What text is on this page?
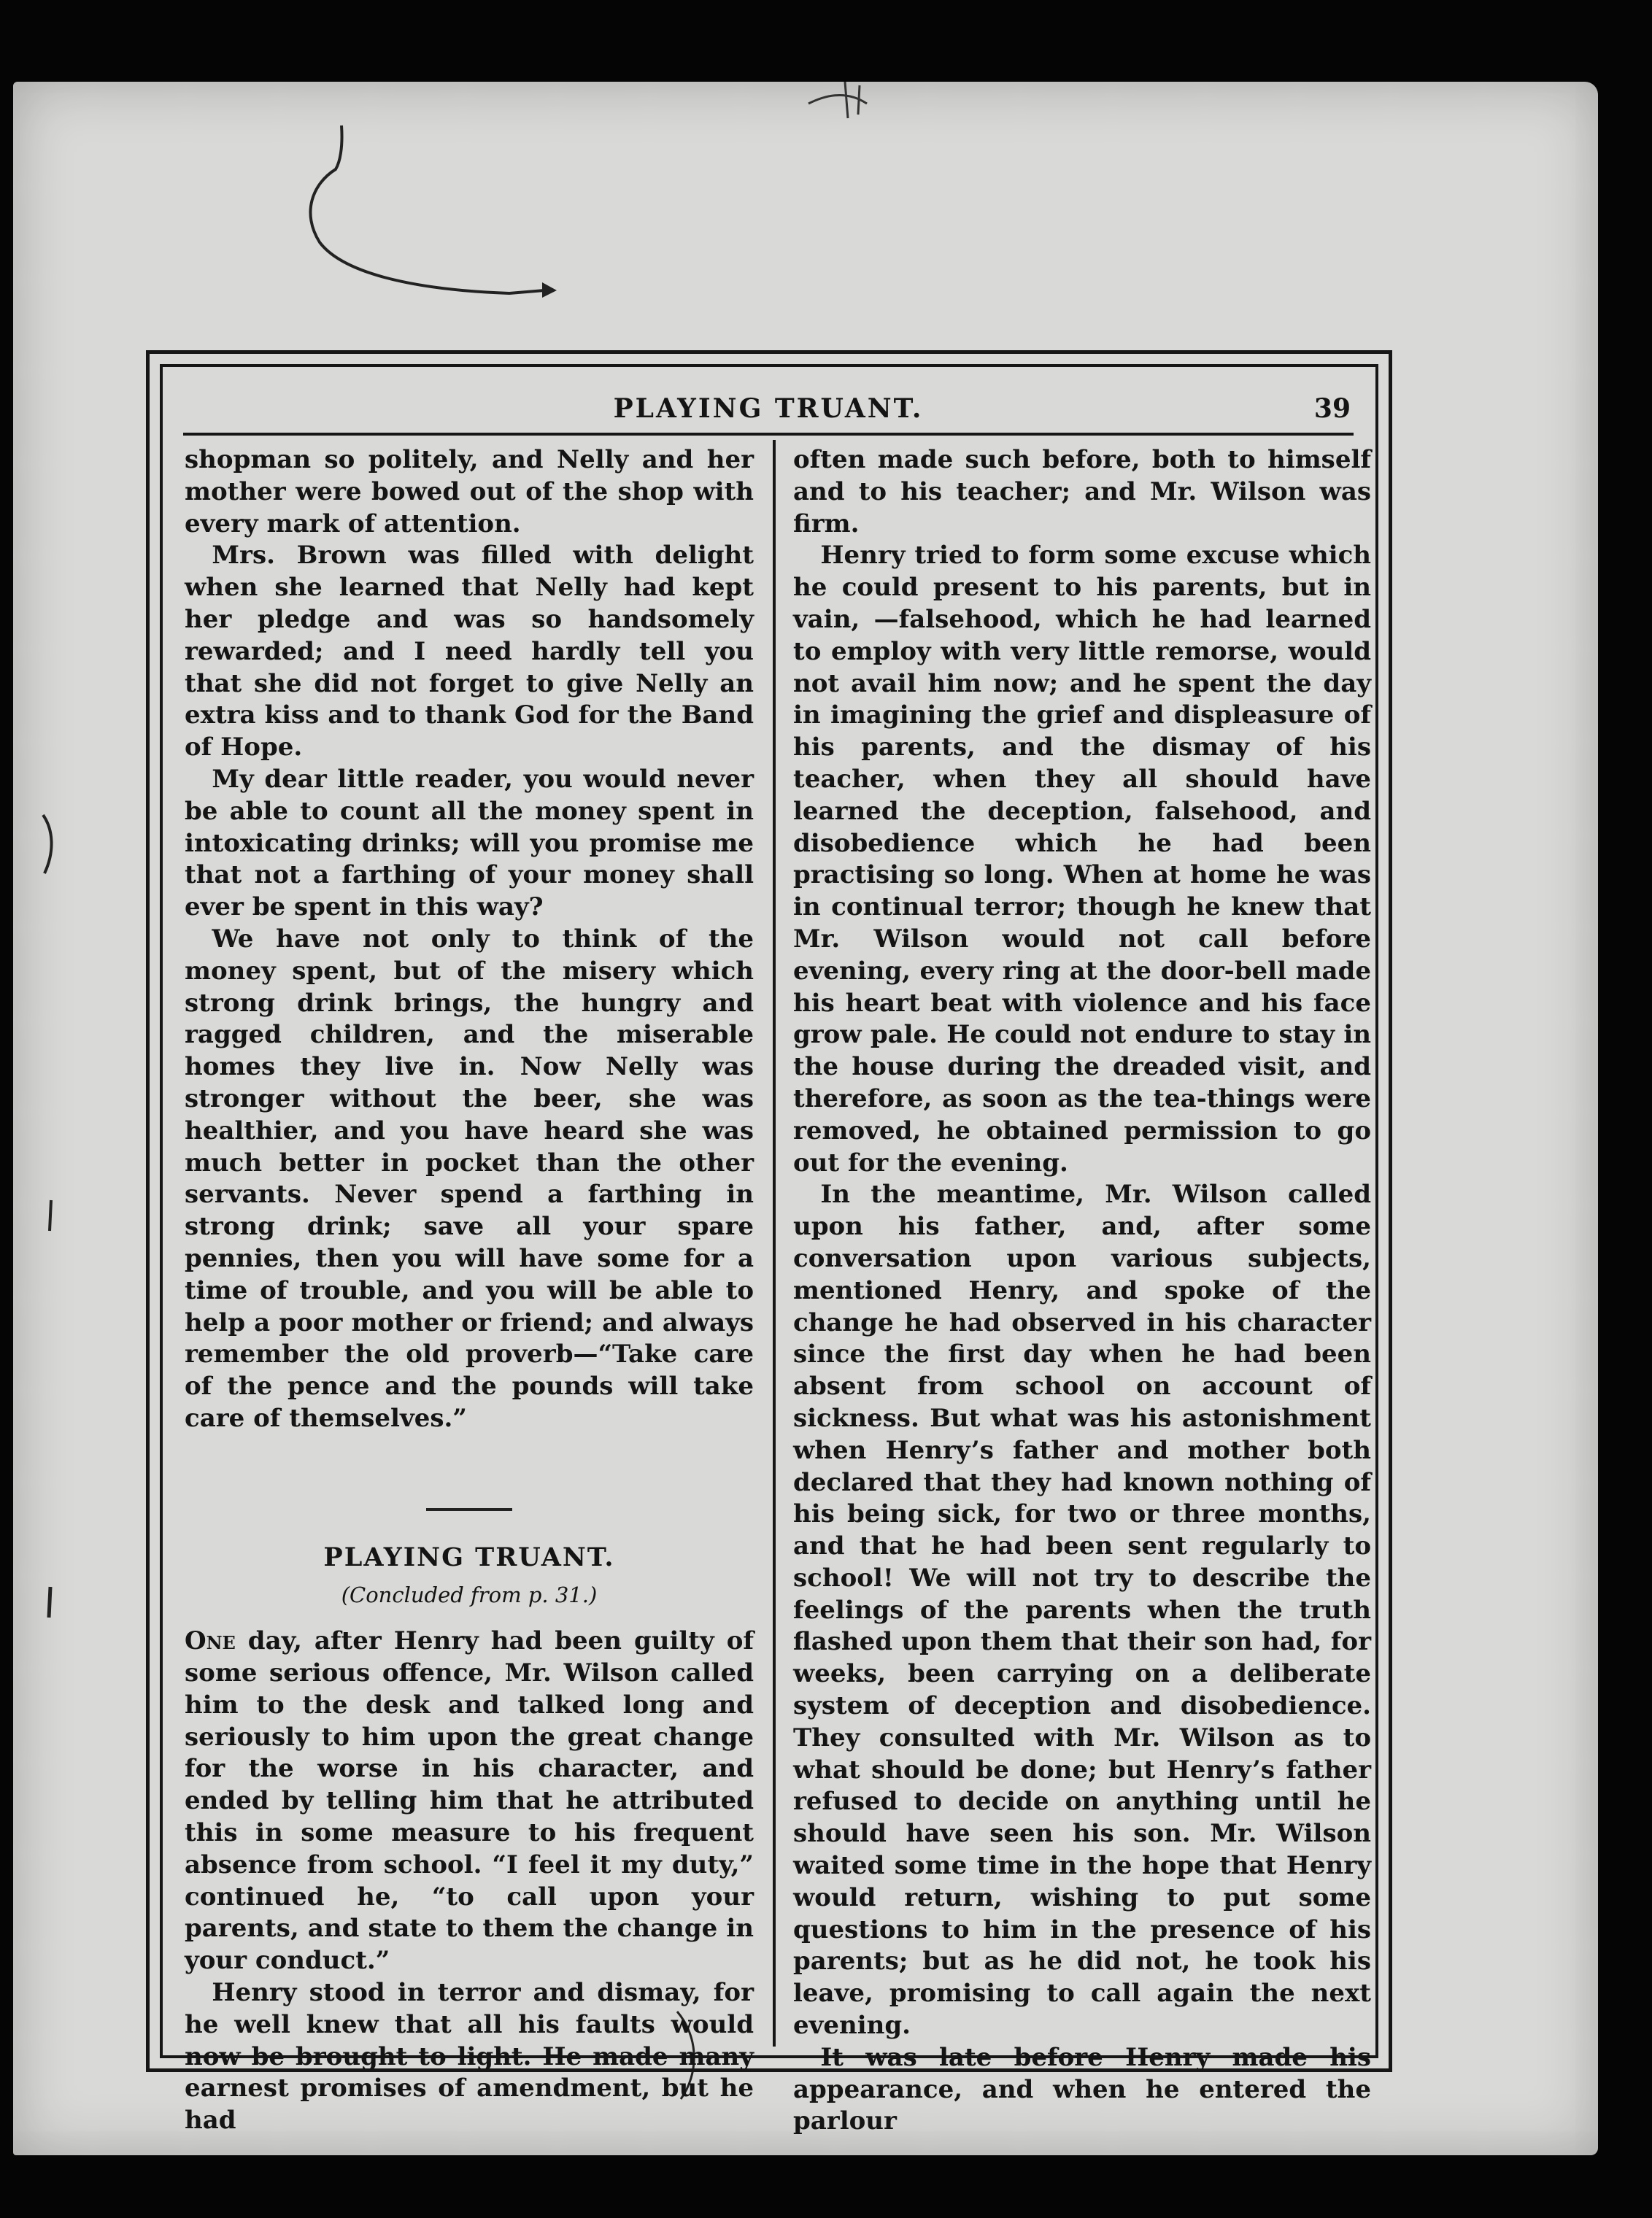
PLAYING TRUANT.	39

shopman so politely, and Nelly and her mother were bowed out of the shop with every mark of attention.

Mrs. Brown was filled with delight when she learned that Nelly had kept her pledge and was so handsomely rewarded; and I need hardly tell you that she did not forget to give Nelly an extra kiss and to thank God for the Band of Hope.

My dear little reader, you would never be able to count all the money spent in intoxicating drinks; will you promise me that not a farthing of your money shall ever be spent in this way?

We have not only to think of the money spent, but of the misery which strong drink brings, the hungry and ragged children, and the miserable homes they live in. Now Nelly was stronger without the beer, she was healthier, and you have heard she was much better in pocket than the other servants. Never spend a farthing in strong drink; save all your spare pennies, then you will have some for a time of trouble, and you will be able to help a poor mother or friend; and always remember the old proverb—“Take care of the pence and the pounds will take care of themselves.”

PLAYING TRUANT.
(Concluded from p. 31.)

One day, after Henry had been guilty of some serious offence, Mr. Wilson called him to the desk and talked long and seriously to him upon the great change for the worse in his character, and ended by telling him that he attributed this in some measure to his frequent absence from school. “I feel it my duty,” continued he, “to call upon your parents, and state to them the change in your conduct.”

Henry stood in terror and dismay, for he well knew that all his faults would now be brought to light. He made many earnest promises of amendment, but he had

often made such before, both to himself and to his teacher; and Mr. Wilson was firm.

Henry tried to form some excuse which he could present to his parents, but in vain, —falsehood, which he had learned to employ with very little remorse, would not avail him now; and he spent the day in imagining the grief and displeasure of his parents, and the dismay of his teacher, when they all should have learned the deception, falsehood, and disobedience which he had been practising so long. When at home he was in continual terror; though he knew that Mr. Wilson would not call before evening, every ring at the door-bell made his heart beat with violence and his face grow pale. He could not endure to stay in the house during the dreaded visit, and therefore, as soon as the tea-things were removed, he obtained permission to go out for the evening.

In the meantime, Mr. Wilson called upon his father, and, after some conversation upon various subjects, mentioned Henry, and spoke of the change he had observed in his character since the first day when he had been absent from school on account of sickness. But what was his astonishment when Henry’s father and mother both declared that they had known nothing of his being sick, for two or three months, and that he had been sent regularly to school! We will not try to describe the feelings of the parents when the truth flashed upon them that their son had, for weeks, been carrying on a deliberate system of deception and disobedience. They consulted with Mr. Wilson as to what should be done; but Henry’s father refused to decide on anything until he should have seen his son. Mr. Wilson waited some time in the hope that Henry would return, wishing to put some questions to him in the presence of his parents; but as he did not, he took his leave, promising to call again the next evening.

It was late before Henry made his appearance, and when he entered the parlour
